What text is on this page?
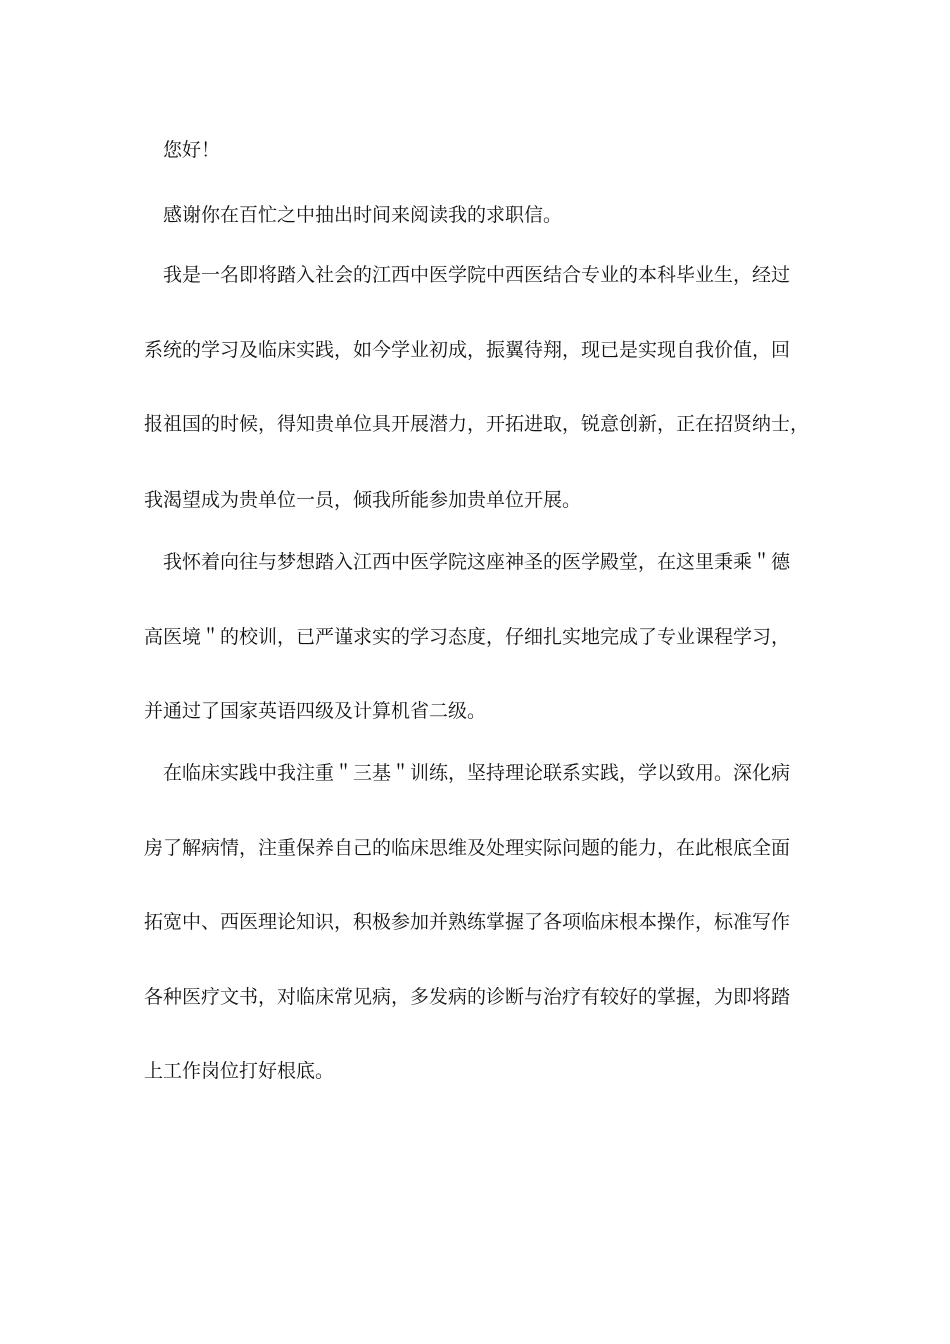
您好！
感谢你在百忙之中抽出时间来阅读我的求职信。
我是一名即将踏入社会的江西中医学院中西医结合专业的本科毕业生，经过
系统的学习及临床实践，如今学业初成，振翼待翔，现已是实现自我价值，回
报祖国的时候，得知贵单位具开展潜力，开拓进取，锐意创新，正在招贤纳士，
我渴望成为贵单位一员，倾我所能参加贵单位开展。
我怀着向往与梦想踏入江西中医学院这座神圣的医学殿堂，在这里秉乘＂德
高医境＂的校训，已严谨求实的学习态度，仔细扎实地完成了专业课程学习，
并通过了国家英语四级及计算机省二级。
在临床实践中我注重＂三基＂训练，坚持理论联系实践，学以致用。深化病
房了解病情，注重保养自己的临床思维及处理实际问题的能力，在此根底全面
拓宽中、西医理论知识，积极参加并熟练掌握了各项临床根本操作，标准写作
各种医疗文书，对临床常见病，多发病的诊断与治疗有较好的掌握，为即将踏
上工作岗位打好根底。
